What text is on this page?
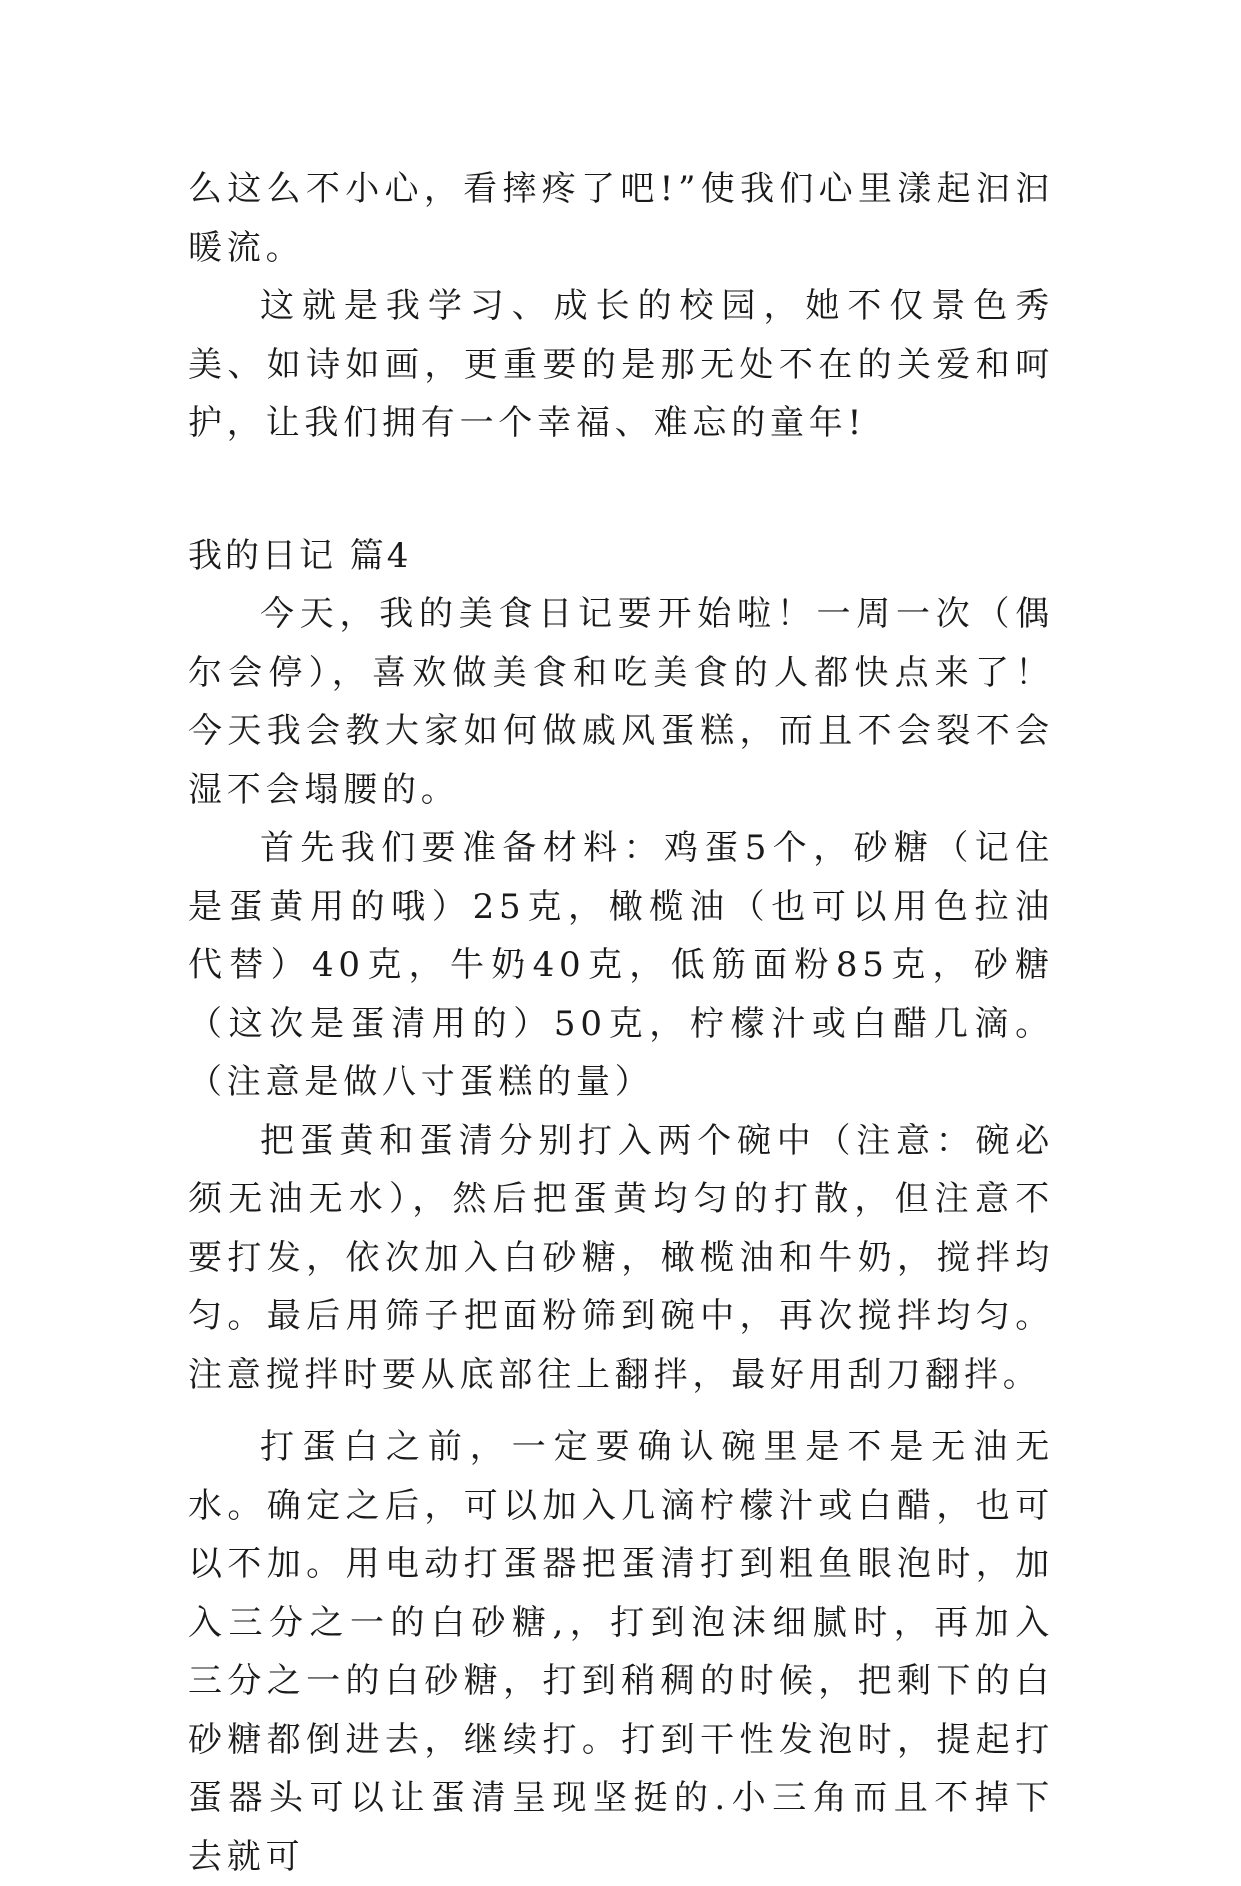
么这么不小心，看摔疼了吧!”使我们心里漾起汩汩暖流。

这就是我学习、成长的校园，她不仅景色秀美、如诗如画，更重要的是那无处不在的关爱和呵护，让我们拥有一个幸福、难忘的童年!

我的日记 篇4

今天，我的美食日记要开始啦！一周一次（偶尔会停），喜欢做美食和吃美食的人都快点来了！今天我会教大家如何做戚风蛋糕，而且不会裂不会湿不会塌腰的。

首先我们要准备材料：鸡蛋5个，砂糖（记住是蛋黄用的哦）25克，橄榄油（也可以用色拉油代替）40克，牛奶40克，低筋面粉85克，砂糖（这次是蛋清用的）50克，柠檬汁或白醋几滴。（注意是做八寸蛋糕的量）

把蛋黄和蛋清分别打入两个碗中（注意：碗必须无油无水），然后把蛋黄均匀的打散，但注意不要打发，依次加入白砂糖，橄榄油和牛奶，搅拌均匀。最后用筛子把面粉筛到碗中，再次搅拌均匀。注意搅拌时要从底部往上翻拌，最好用刮刀翻拌。

打蛋白之前，一定要确认碗里是不是无油无水。确定之后，可以加入几滴柠檬汁或白醋，也可以不加。用电动打蛋器把蛋清打到粗鱼眼泡时，加入三分之一的白砂糖,，打到泡沫细腻时，再加入三分之一的白砂糖，打到稍稠的时候，把剩下的白砂糖都倒进去，继续打。打到干性发泡时，提起打蛋器头可以让蛋清呈现坚挺的.小三角而且不掉下去就可
